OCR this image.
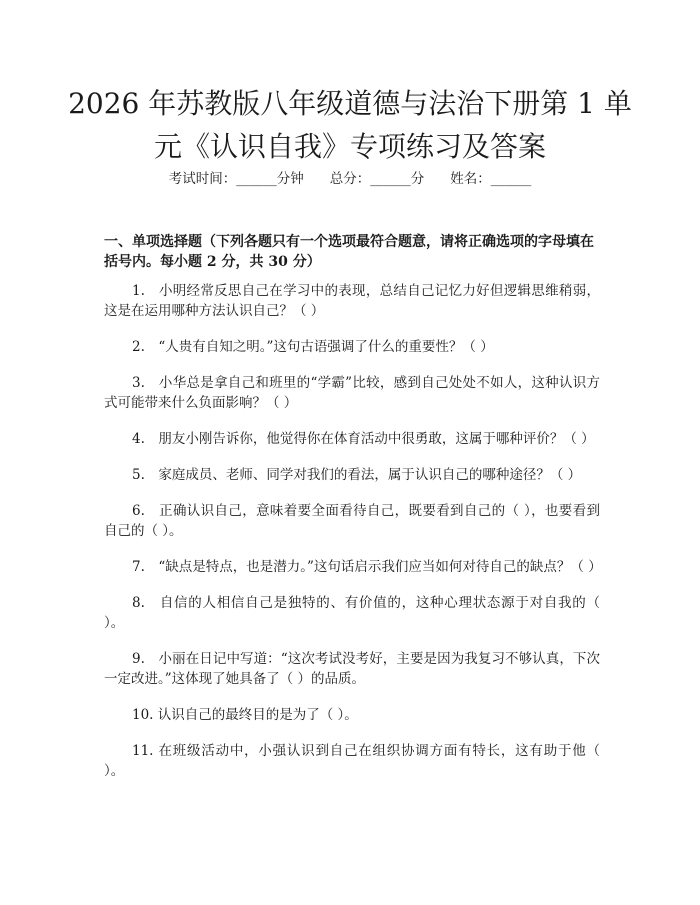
2026 年苏教版八年级道德与法治下册第 1 单
元《认识自我》专项练习及答案
考试时间：______分钟 总分：______分 姓名：______

一、单项选择题（下列各题只有一个选项最符合题意，请将正确选项的字母填在括号内。每小题 2 分，共 30 分）

1.　小明经常反思自己在学习中的表现，总结自己记忆力好但逻辑思维稍弱，这是在运用哪种方法认识自己？（ ）
2.　“人贵有自知之明。”这句古语强调了什么的重要性？（ ）
3.　小华总是拿自己和班里的“学霸”比较，感到自己处处不如人，这种认识方式可能带来什么负面影响？（ ）
4.　朋友小刚告诉你，他觉得你在体育活动中很勇敢，这属于哪种评价？（ ）
5.　家庭成员、老师、同学对我们的看法，属于认识自己的哪种途径？（ ）
6.　正确认识自己，意味着要全面看待自己，既要看到自己的（ ），也要看到自己的（ ）。
7.　“缺点是特点，也是潜力。”这句话启示我们应当如何对待自己的缺点？（ ）
8.　自信的人相信自己是独特的、有价值的，这种心理状态源于对自我的（ ）。
9.　小丽在日记中写道：“这次考试没考好，主要是因为我复习不够认真，下次一定改进。”这体现了她具备了（ ）的品质。
10. 认识自己的最终目的是为了（ ）。
11. 在班级活动中，小强认识到自己在组织协调方面有特长，这有助于他（ ）。
